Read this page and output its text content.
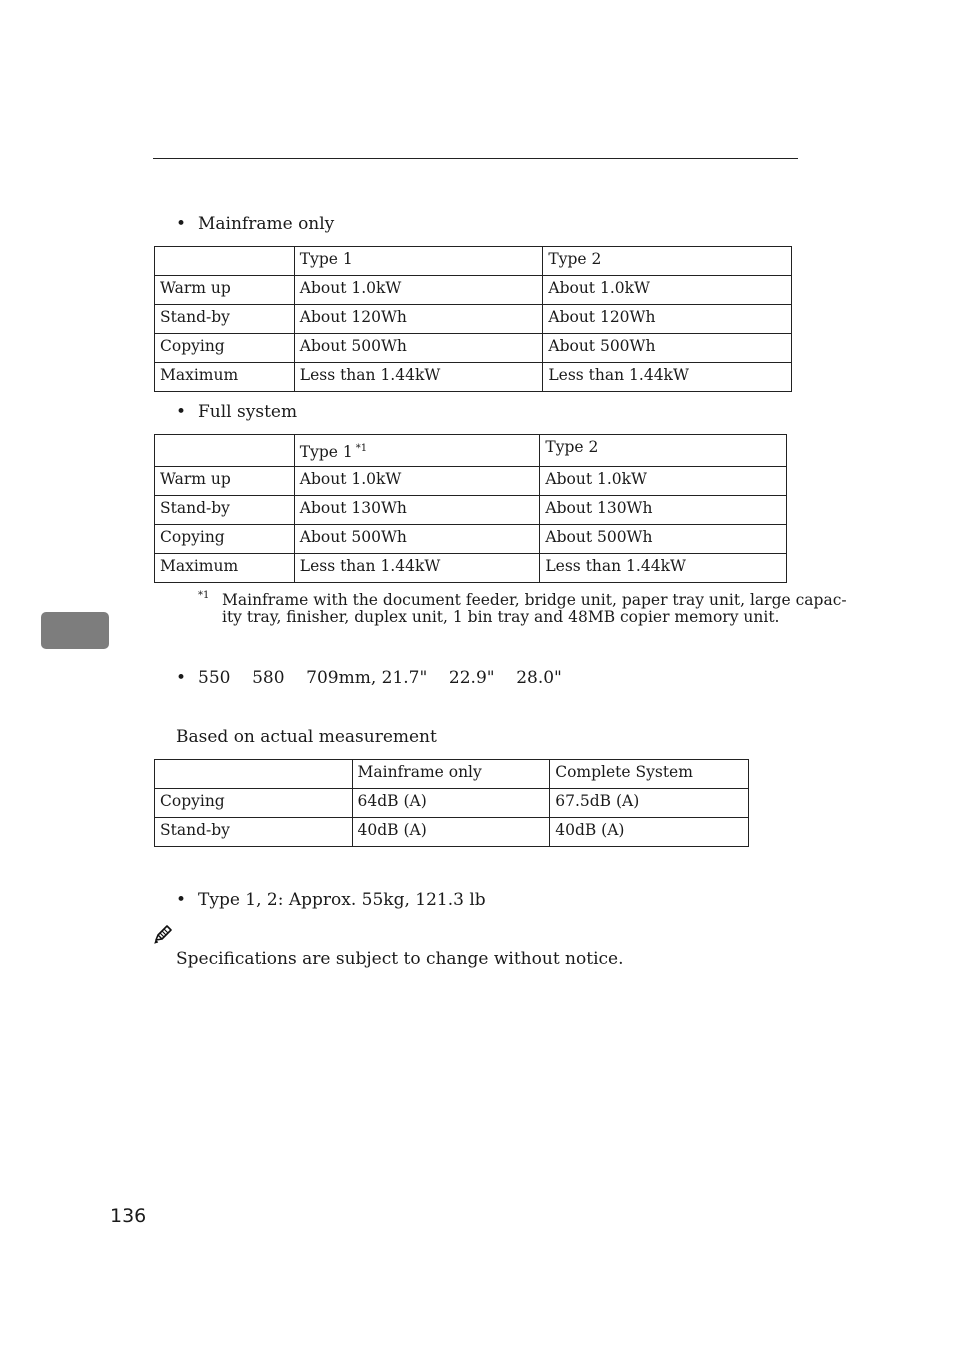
• Mainframe only
	Type 1	Type 2
Warm up	About 1.0kW	About 1.0kW
Stand-by	About 120Wh	About 120Wh
Copying	About 500Wh	About 500Wh
Maximum	Less than 1.44kW	Less than 1.44kW
• Full system
	Type 1 $^{*1}$	Type 2
Warm up	About 1.0kW	About 1.0kW
Stand-by	About 130Wh	About 130Wh
Copying	About 500Wh	About 500Wh
Maximum	Less than 1.44kW	Less than 1.44kW
*1 Mainframe with the document feeder, bridge unit, paper tray unit, large capac-
ity tray, finisher, duplex unit, 1 bin tray and 48MB copier memory unit.
• 550    580    709mm, 21.7"    22.9"    28.0"
Based on actual measurement
	Mainframe only	Complete System
Copying	64dB (A)	67.5dB (A)
Stand-by	40dB (A)	40dB (A)
• Type 1, 2: Approx. 55kg, 121.3 lb
Specifications are subject to change without notice.
136
